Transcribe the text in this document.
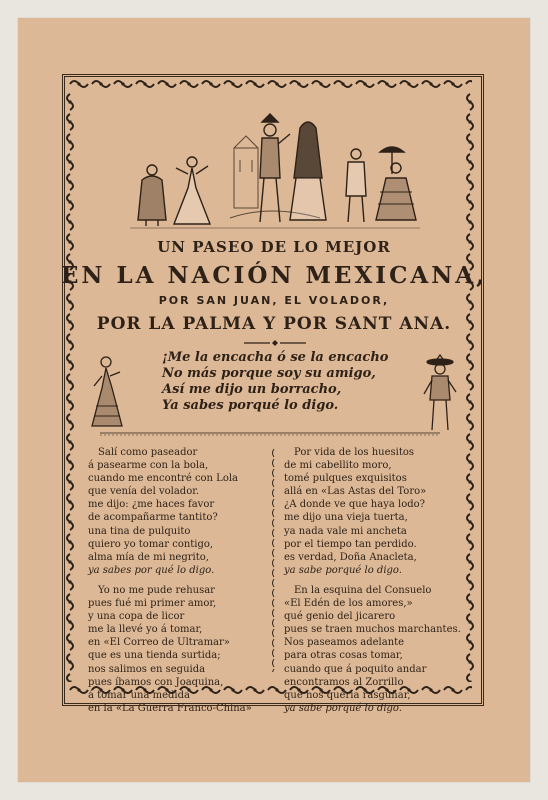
UN PASEO DE LO MEJOR
EN LA NACIÓN MEXICANA,
POR SAN JUAN, EL VOLADOR,
POR LA PALMA Y POR SANT ANA.
¡Me la encacha ó se la encacho
No más porque soy su amigo,
Así me dijo un borracho,
Ya sabes porqué lo digo.
Salí como paseador
á pasearme con la bola,
cuando me encontré con Lola
que venía del volador.
me dijo: ¿me haces favor
de acompañarme tantito?
una tina de pulquito
quiero yo tomar contigo,
alma mía de mi negrito,
ya sabes por qué lo digo.
Yo no me pude rehusar
pues fué mi primer amor,
y una copa de licor
me la llevé yo á tomar,
en «El Correo de Ultramar»
que es una tienda surtida;
nos salimos en seguida
pues íbamos con Joaquina,
á tomar una medida
en la «La Guerra Franco-China»
Por vida de los huesitos
de mi cabellito moro,
tomé pulques exquisitos
allá en «Las Astas del Toro»
¿A donde ve que haya lodo?
me dijo una vieja tuerta,
ya nada vale mi ancheta
por el tiempo tan perdido.
es verdad, Doña Anacleta,
ya sabe porqué lo digo.
En la esquina del Consuelo
«El Edén de los amores,»
qué genio del jicarero
pues se traen muchos marchantes.
Nos paseamos adelante
para otras cosas tomar,
cuando que á poquito andar
encontramos al Zorrillo
que nos quería rasguñar,
ya sabe porqué lo digo.
